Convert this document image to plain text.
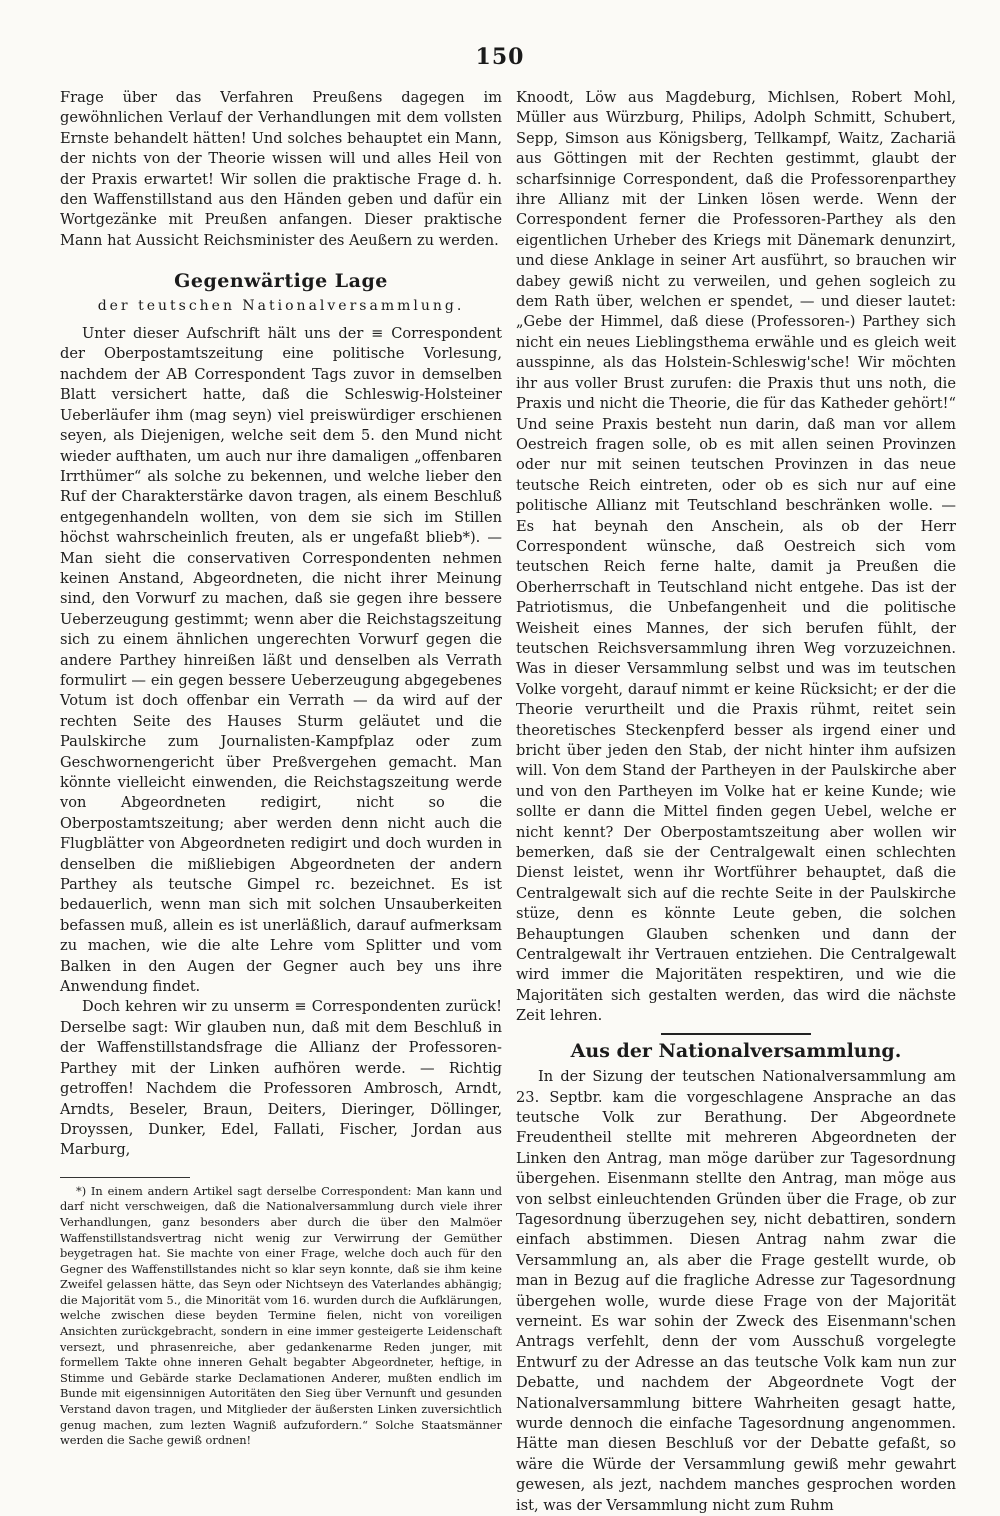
150

Frage über das Verfahren Preußens dagegen im gewöhnlichen Verlauf der Verhandlungen mit dem vollsten Ernste behandelt hätten! Und solches behauptet ein Mann, der nichts von der Theorie wissen will und alles Heil von der Praxis erwartet! Wir sollen die praktische Frage d. h. den Waffenstillstand aus den Händen geben und dafür ein Wortgezänke mit Preußen anfangen. Dieser praktische Mann hat Aussicht Reichsminister des Aeußern zu werden.

Gegenwärtige Lage
der teutschen Nationalversammlung.

Unter dieser Aufschrift hält uns der ≡ Correspondent der Oberpostamtszeitung eine politische Vorlesung, nachdem der AB Correspondent Tags zuvor in demselben Blatt versichert hatte, daß die Schleswig-Holsteiner Ueberläufer ihm (mag seyn) viel preiswürdiger erschienen seyen, als Diejenigen, welche seit dem 5. den Mund nicht wieder aufthaten, um auch nur ihre damaligen „offenbaren Irrthümer“ als solche zu bekennen, und welche lieber den Ruf der Charakterstärke davon tragen, als einem Beschluß entgegenhandeln wollten, von dem sie sich im Stillen höchst wahrscheinlich freuten, als er ungefaßt blieb*). — Man sieht die conservativen Correspondenten nehmen keinen Anstand, Abgeordneten, die nicht ihrer Meinung sind, den Vorwurf zu machen, daß sie gegen ihre bessere Ueberzeugung gestimmt; wenn aber die Reichstagszeitung sich zu einem ähnlichen ungerechten Vorwurf gegen die andere Parthey hinreißen läßt und denselben als Verrath formulirt — ein gegen bessere Ueberzeugung abgegebenes Votum ist doch offenbar ein Verrath — da wird auf der rechten Seite des Hauses Sturm geläutet und die Paulskirche zum Journalisten-Kampfplaz oder zum Geschwornengericht über Preßvergehen gemacht. Man könnte vielleicht einwenden, die Reichstagszeitung werde von Abgeordneten redigirt, nicht so die Oberpostamtszeitung; aber werden denn nicht auch die Flugblätter von Abgeordneten redigirt und doch wurden in denselben die mißliebigen Abgeordneten der andern Parthey als teutsche Gimpel rc. bezeichnet. Es ist bedauerlich, wenn man sich mit solchen Unsauberkeiten befassen muß, allein es ist unerläßlich, darauf aufmerksam zu machen, wie die alte Lehre vom Splitter und vom Balken in den Augen der Gegner auch bey uns ihre Anwendung findet.

Doch kehren wir zu unserm ≡ Correspondenten zurück! Derselbe sagt: Wir glauben nun, daß mit dem Beschluß in der Waffenstillstandsfrage die Allianz der Professoren-Parthey mit der Linken aufhören werde. — Richtig getroffen! Nachdem die Professoren Ambrosch, Arndt, Arndts, Beseler, Braun, Deiters, Dieringer, Döllinger, Droyssen, Dunker, Edel, Fallati, Fischer, Jordan aus Marburg,

*) In einem andern Artikel sagt derselbe Correspondent: Man kann und darf nicht verschweigen, daß die Nationalversammlung durch viele ihrer Verhandlungen, ganz besonders aber durch die über den Malmöer Waffenstillstandsvertrag nicht wenig zur Verwirrung der Gemüther beygetragen hat. Sie machte von einer Frage, welche doch auch für den Gegner des Waffenstillstandes nicht so klar seyn konnte, daß sie ihm keine Zweifel gelassen hätte, das Seyn oder Nichtseyn des Vaterlandes abhängig; die Majorität vom 5., die Minorität vom 16. wurden durch die Aufklärungen, welche zwischen diese beyden Termine fielen, nicht von voreiligen Ansichten zurückgebracht, sondern in eine immer gesteigerte Leidenschaft versezt, und phrasenreiche, aber gedankenarme Reden junger, mit formellem Takte ohne inneren Gehalt begabter Abgeordneter, heftige, in Stimme und Gebärde starke Declamationen Anderer, mußten endlich im Bunde mit eigensinnigen Autoritäten den Sieg über Vernunft und gesunden Verstand davon tragen, und Mitglieder der äußersten Linken zuversichtlich genug machen, zum lezten Wagniß aufzufordern.“ Solche Staatsmänner werden die Sache gewiß ordnen!

Knoodt, Löw aus Magdeburg, Michlsen, Robert Mohl, Müller aus Würzburg, Philips, Adolph Schmitt, Schubert, Sepp, Simson aus Königsberg, Tellkampf, Waitz, Zachariä aus Göttingen mit der Rechten gestimmt, glaubt der scharfsinnige Correspondent, daß die Professorenparthey ihre Allianz mit der Linken lösen werde. Wenn der Correspondent ferner die Professoren-Parthey als den eigentlichen Urheber des Kriegs mit Dänemark denunzirt, und diese Anklage in seiner Art ausführt, so brauchen wir dabey gewiß nicht zu verweilen, und gehen sogleich zu dem Rath über, welchen er spendet, — und dieser lautet: „Gebe der Himmel, daß diese (Professoren-) Parthey sich nicht ein neues Lieblingsthema erwähle und es gleich weit ausspinne, als das Holstein-Schleswig'sche! Wir möchten ihr aus voller Brust zurufen: die Praxis thut uns noth, die Praxis und nicht die Theorie, die für das Katheder gehört!“ Und seine Praxis besteht nun darin, daß man vor allem Oestreich fragen solle, ob es mit allen seinen Provinzen oder nur mit seinen teutschen Provinzen in das neue teutsche Reich eintreten, oder ob es sich nur auf eine politische Allianz mit Teutschland beschränken wolle. — Es hat beynah den Anschein, als ob der Herr Correspondent wünsche, daß Oestreich sich vom teutschen Reich ferne halte, damit ja Preußen die Oberherrschaft in Teutschland nicht entgehe. Das ist der Patriotismus, die Unbefangenheit und die politische Weisheit eines Mannes, der sich berufen fühlt, der teutschen Reichsversammlung ihren Weg vorzuzeichnen. Was in dieser Versammlung selbst und was im teutschen Volke vorgeht, darauf nimmt er keine Rücksicht; er der die Theorie verurtheilt und die Praxis rühmt, reitet sein theoretisches Steckenpferd besser als irgend einer und bricht über jeden den Stab, der nicht hinter ihm aufsizen will. Von dem Stand der Partheyen in der Paulskirche aber und von den Partheyen im Volke hat er keine Kunde; wie sollte er dann die Mittel finden gegen Uebel, welche er nicht kennt? Der Oberpostamtszeitung aber wollen wir bemerken, daß sie der Centralgewalt einen schlechten Dienst leistet, wenn ihr Wortführer behauptet, daß die Centralgewalt sich auf die rechte Seite in der Paulskirche stüze, denn es könnte Leute geben, die solchen Behauptungen Glauben schenken und dann der Centralgewalt ihr Vertrauen entziehen. Die Centralgewalt wird immer die Majoritäten respektiren, und wie die Majoritäten sich gestalten werden, das wird die nächste Zeit lehren.

Aus der Nationalversammlung.

In der Sizung der teutschen Nationalversammlung am 23. Septbr. kam die vorgeschlagene Ansprache an das teutsche Volk zur Berathung. Der Abgeordnete Freudentheil stellte mit mehreren Abgeordneten der Linken den Antrag, man möge darüber zur Tagesordnung übergehen. Eisenmann stellte den Antrag, man möge aus von selbst einleuchtenden Gründen über die Frage, ob zur Tagesordnung überzugehen sey, nicht debattiren, sondern einfach abstimmen. Diesen Antrag nahm zwar die Versammlung an, als aber die Frage gestellt wurde, ob man in Bezug auf die fragliche Adresse zur Tagesordnung übergehen wolle, wurde diese Frage von der Majorität verneint. Es war sohin der Zweck des Eisenmann'schen Antrags verfehlt, denn der vom Ausschuß vorgelegte Entwurf zu der Adresse an das teutsche Volk kam nun zur Debatte, und nachdem der Abgeordnete Vogt der Nationalversammlung bittere Wahrheiten gesagt hatte, wurde dennoch die einfache Tagesordnung angenommen. Hätte man diesen Beschluß vor der Debatte gefaßt, so wäre die Würde der Versammlung gewiß mehr gewahrt gewesen, als jezt, nachdem manches gesprochen worden ist, was der Versammlung nicht zum Ruhm
